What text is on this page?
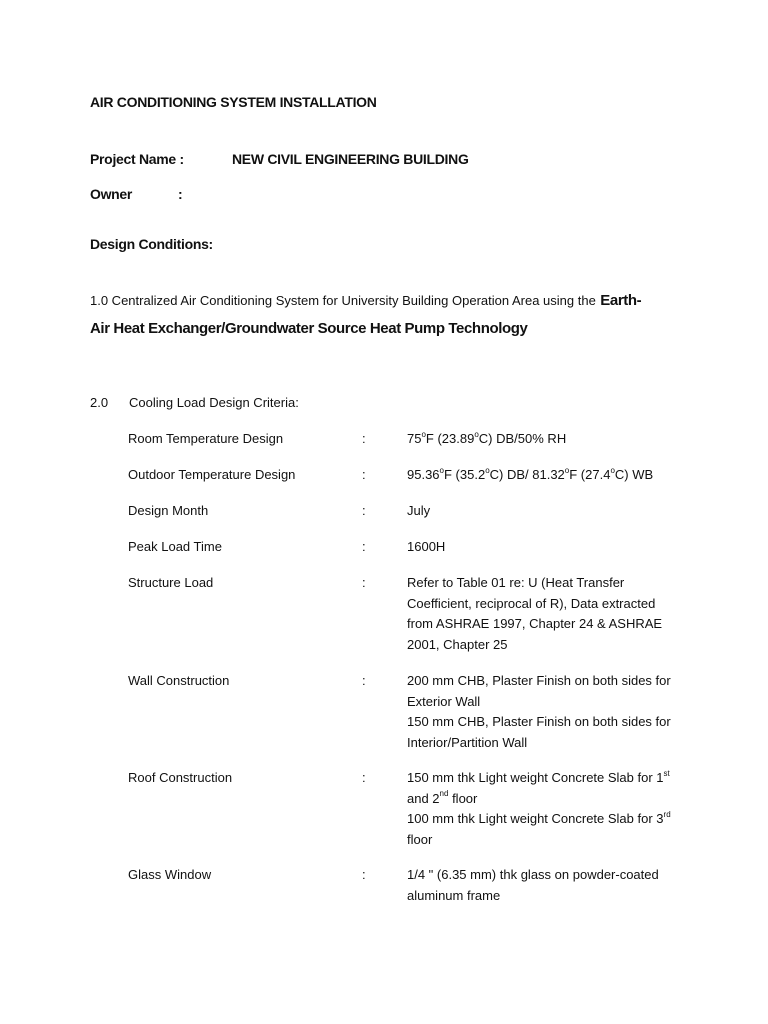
AIR CONDITIONING SYSTEM INSTALLATION
Project Name :	NEW CIVIL ENGINEERING BUILDING
Owner	:
Design Conditions:
1.0 Centralized Air Conditioning System for University Building Operation Area using the Earth-
Air Heat Exchanger/Groundwater Source Heat Pump Technology
2.0 Cooling Load Design Criteria:
Room Temperature Design	:	75$^o$F (23.89$^o$C) DB/50% RH
Outdoor Temperature Design	:	95.36$^o$F (35.2$^o$C) DB/ 81.32$^o$F (27.4$^o$C) WB
Design Month	:	July
Peak Load Time	:	1600H
Structure Load	:	Refer to Table 01 re: U (Heat Transfer Coefficient, reciprocal of R), Data extracted from ASHRAE 1997, Chapter 24 & ASHRAE 2001, Chapter 25
Wall Construction	:	200 mm CHB, Plaster Finish on both sides for Exterior Wall
150 mm CHB, Plaster Finish on both sides for Interior/Partition Wall
Roof Construction	:	150 mm thk Light weight Concrete Slab for 1st
and 2nd floor
100 mm thk Light weight Concrete Slab for 3rd
floor
Glass Window	:	1/4 " (6.35 mm) thk glass on powder-coated aluminum frame
